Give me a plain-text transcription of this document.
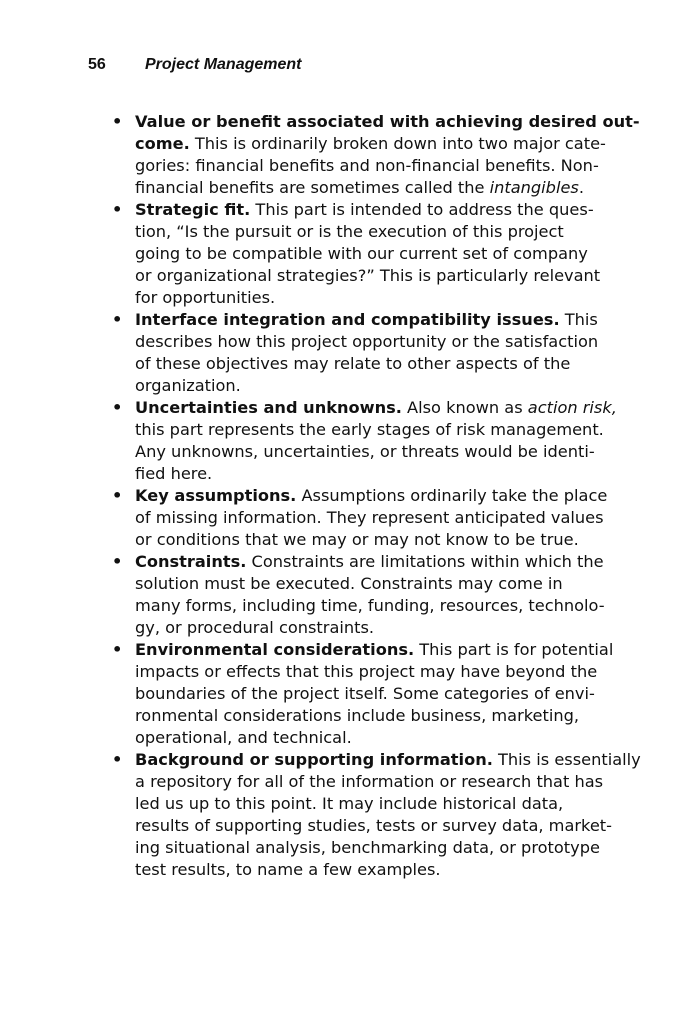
56 Project Management
• Value or benefit associated with achieving desired out-
come. This is ordinarily broken down into two major cate-
gories: financial benefits and non-financial benefits. Non-
financial benefits are sometimes called the intangibles.
• Strategic fit. This part is intended to address the ques-
tion, “Is the pursuit or is the execution of this project
going to be compatible with our current set of company
or organizational strategies?” This is particularly relevant
for opportunities.
• Interface integration and compatibility issues. This
describes how this project opportunity or the satisfaction
of these objectives may relate to other aspects of the
organization.
• Uncertainties and unknowns. Also known as action risk,
this part represents the early stages of risk management.
Any unknowns, uncertainties, or threats would be identi-
fied here.
• Key assumptions. Assumptions ordinarily take the place
of missing information. They represent anticipated values
or conditions that we may or may not know to be true.
• Constraints. Constraints are limitations within which the
solution must be executed. Constraints may come in
many forms, including time, funding, resources, technolo-
gy, or procedural constraints.
• Environmental considerations. This part is for potential
impacts or effects that this project may have beyond the
boundaries of the project itself. Some categories of envi-
ronmental considerations include business, marketing,
operational, and technical.
• Background or supporting information. This is essentially
a repository for all of the information or research that has
led us up to this point. It may include historical data,
results of supporting studies, tests or survey data, market-
ing situational analysis, benchmarking data, or prototype
test results, to name a few examples.
